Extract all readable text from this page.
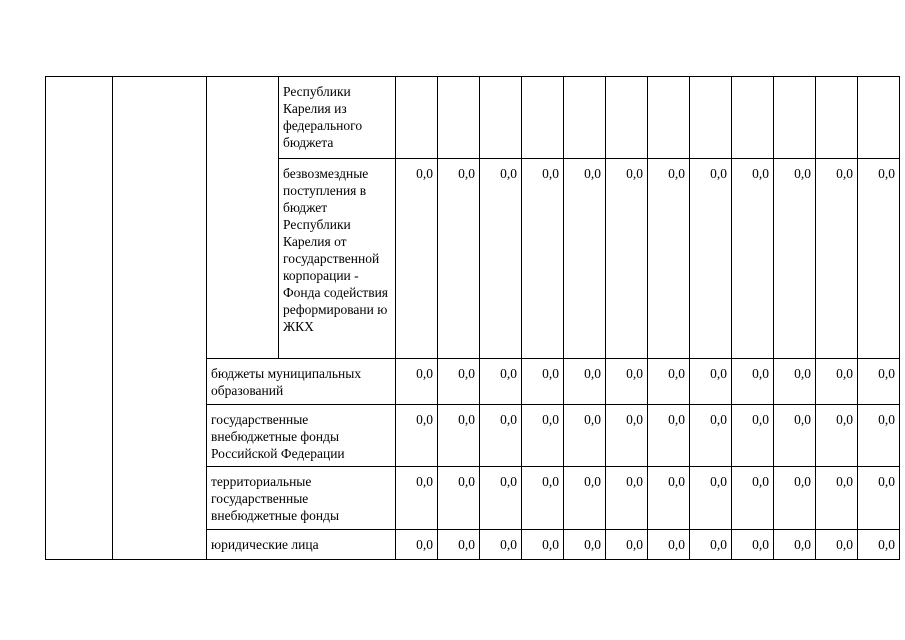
			Республики Карелия из федерального бюджета												
			безвозмездные поступления в бюджет Республики Карелия от государственной корпорации - Фонда содействия реформировани ю ЖКХ	0,0	0,0	0,0	0,0	0,0	0,0	0,0	0,0	0,0	0,0	0,0	0,0
		бюджеты муниципальных образований		0,0	0,0	0,0	0,0	0,0	0,0	0,0	0,0	0,0	0,0	0,0	0,0
		государственные внебюджетные фонды Российской Федерации		0,0	0,0	0,0	0,0	0,0	0,0	0,0	0,0	0,0	0,0	0,0	0,0
		территориальные государственные внебюджетные фонды		0,0	0,0	0,0	0,0	0,0	0,0	0,0	0,0	0,0	0,0	0,0	0,0
		юридические лица		0,0	0,0	0,0	0,0	0,0	0,0	0,0	0,0	0,0	0,0	0,0	0,0
